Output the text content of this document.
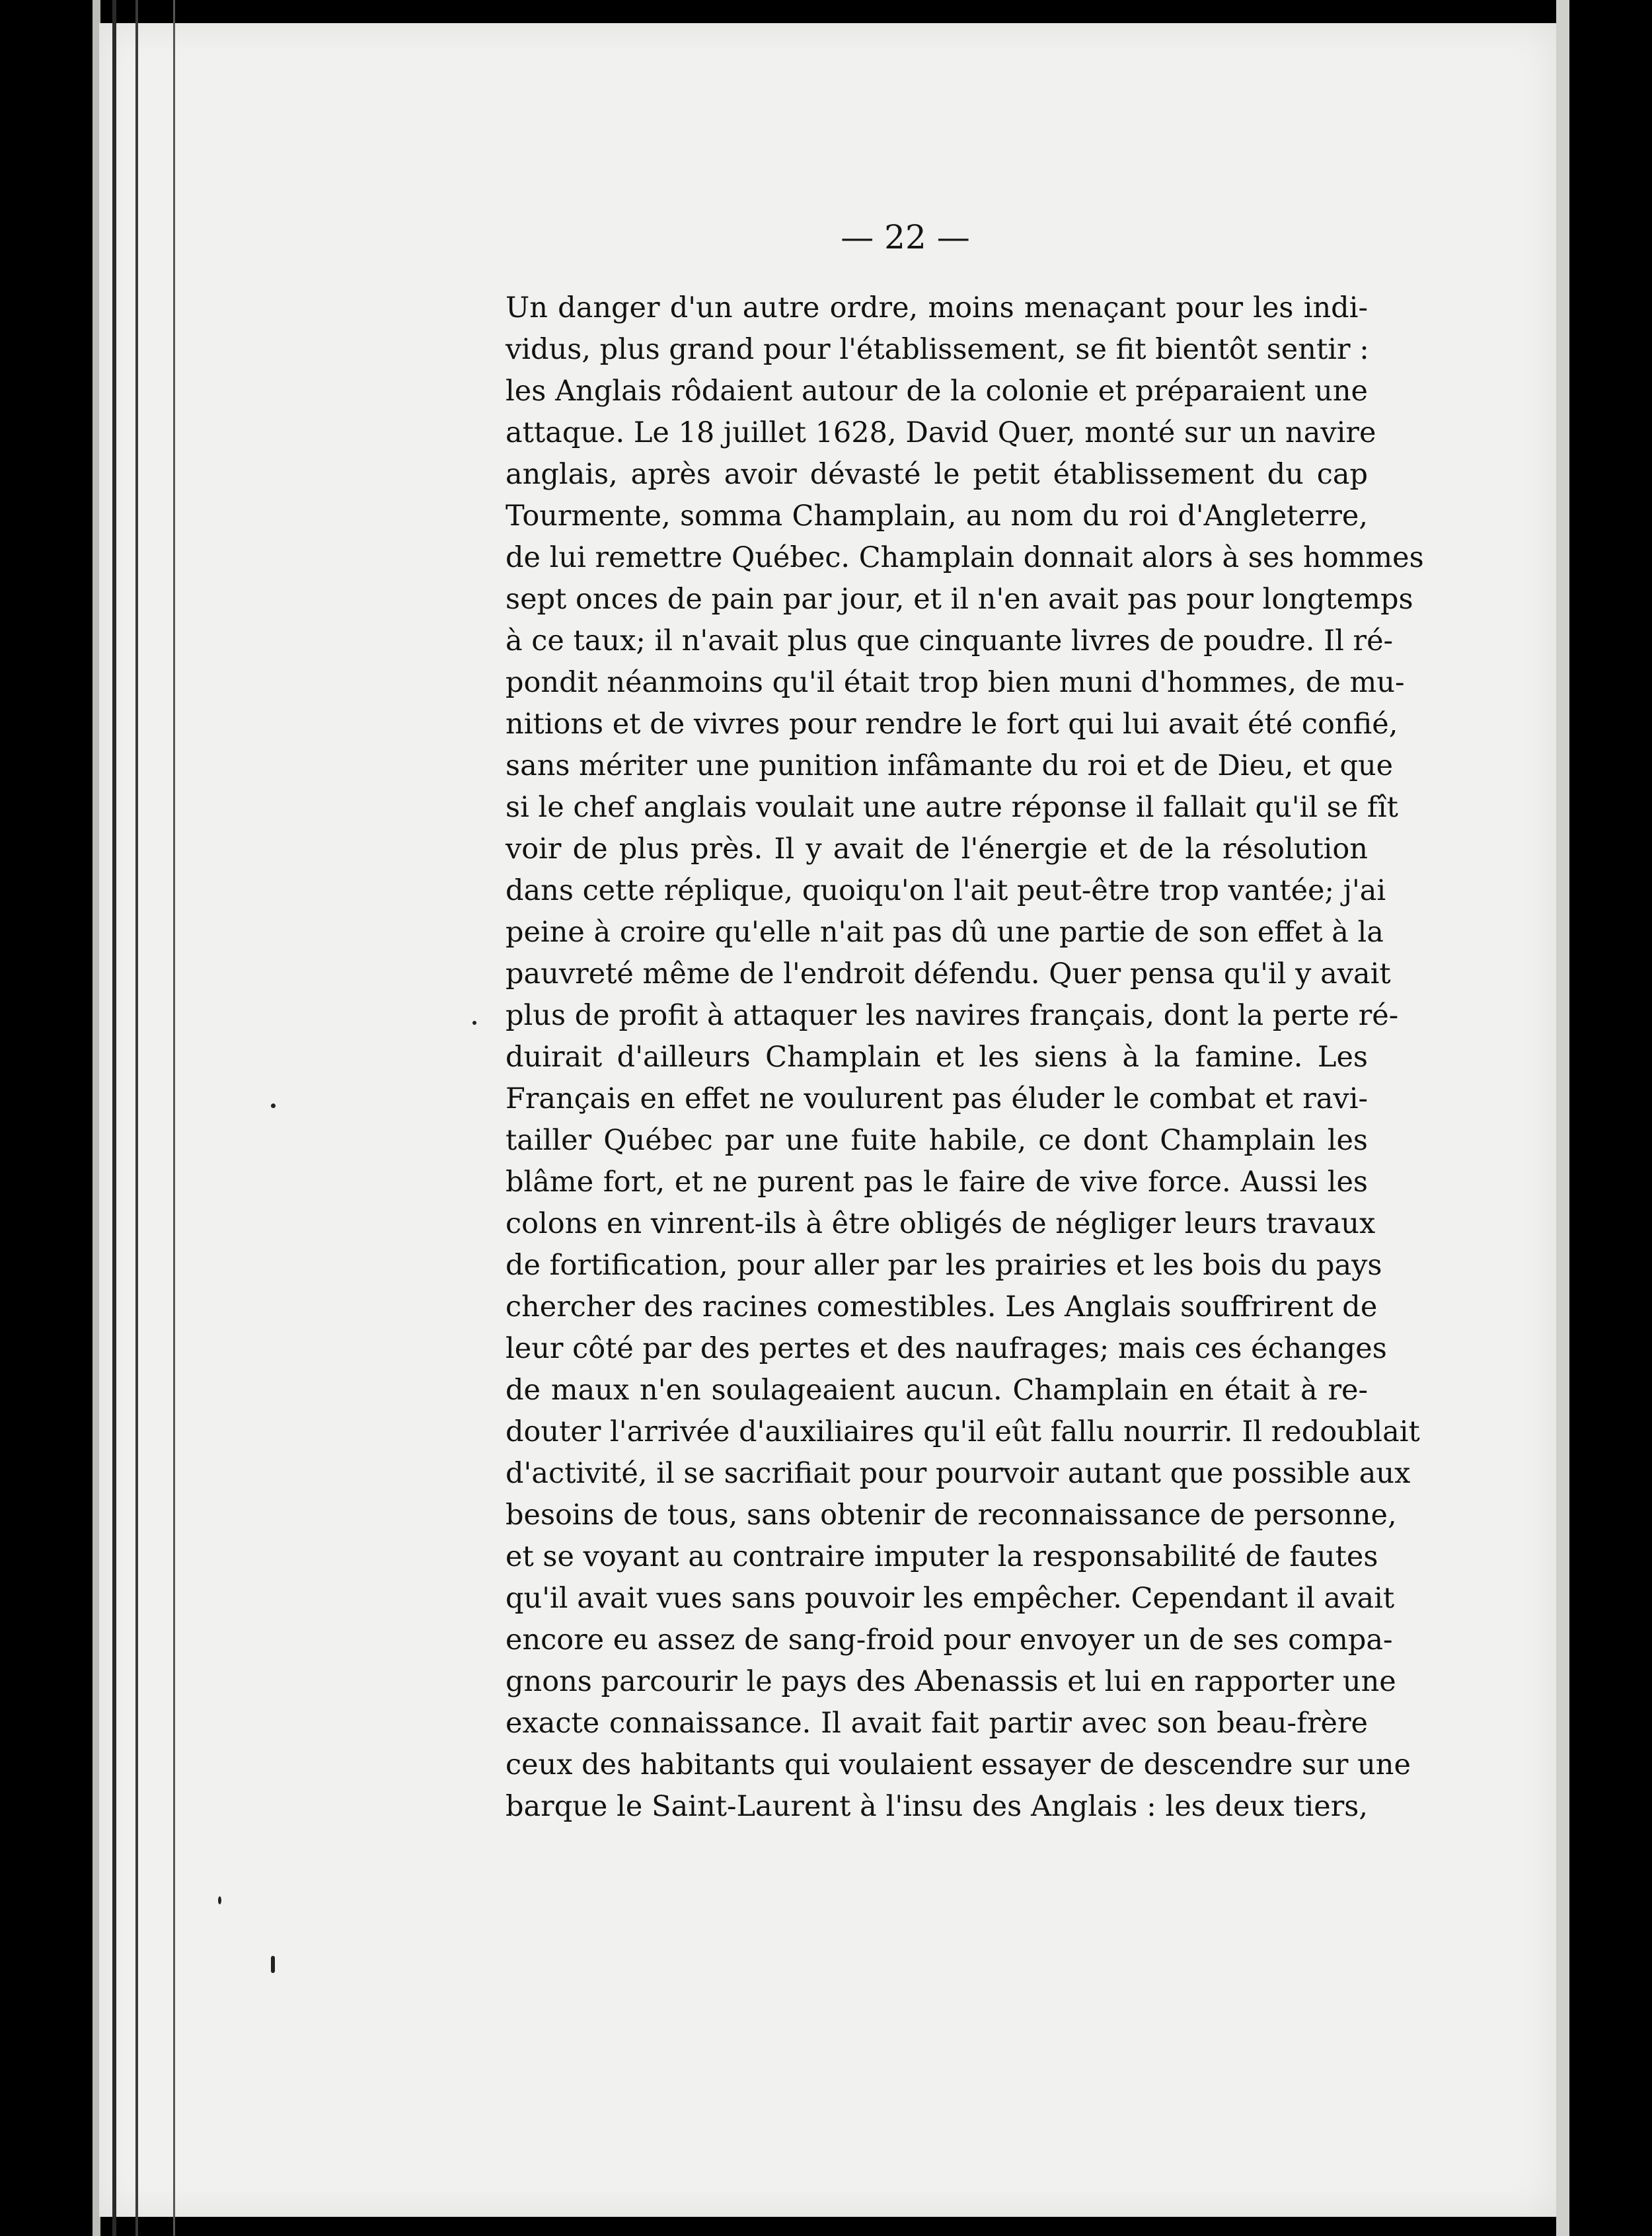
— 22 —
Un danger d'un autre ordre, moins menaçant pour les indi-
vidus, plus grand pour l'établissement, se fit bientôt sentir :
les Anglais rôdaient autour de la colonie et préparaient une
attaque. Le 18 juillet 1628, David Quer, monté sur un navire
anglais, après avoir dévasté le petit établissement du cap
Tourmente, somma Champlain, au nom du roi d'Angleterre,
de lui remettre Québec. Champlain donnait alors à ses hommes
sept onces de pain par jour, et il n'en avait pas pour longtemps
à ce taux; il n'avait plus que cinquante livres de poudre. Il ré-
pondit néanmoins qu'il était trop bien muni d'hommes, de mu-
nitions et de vivres pour rendre le fort qui lui avait été confié,
sans mériter une punition infâmante du roi et de Dieu, et que
si le chef anglais voulait une autre réponse il fallait qu'il se fît
voir de plus près. Il y avait de l'énergie et de la résolution
dans cette réplique, quoiqu'on l'ait peut-être trop vantée; j'ai
peine à croire qu'elle n'ait pas dû une partie de son effet à la
pauvreté même de l'endroit défendu. Quer pensa qu'il y avait
plus de profit à attaquer les navires français, dont la perte ré-
duirait d'ailleurs Champlain et les siens à la famine. Les
Français en effet ne voulurent pas éluder le combat et ravi-
tailler Québec par une fuite habile, ce dont Champlain les
blâme fort, et ne purent pas le faire de vive force. Aussi les
colons en vinrent-ils à être obligés de négliger leurs travaux
de fortification, pour aller par les prairies et les bois du pays
chercher des racines comestibles. Les Anglais souffrirent de
leur côté par des pertes et des naufrages; mais ces échanges
de maux n'en soulageaient aucun. Champlain en était à re-
douter l'arrivée d'auxiliaires qu'il eût fallu nourrir. Il redoublait
d'activité, il se sacrifiait pour pourvoir autant que possible aux
besoins de tous, sans obtenir de reconnaissance de personne,
et se voyant au contraire imputer la responsabilité de fautes
qu'il avait vues sans pouvoir les empêcher. Cependant il avait
encore eu assez de sang-froid pour envoyer un de ses compa-
gnons parcourir le pays des Abenassis et lui en rapporter une
exacte connaissance. Il avait fait partir avec son beau-frère
ceux des habitants qui voulaient essayer de descendre sur une
barque le Saint-Laurent à l'insu des Anglais : les deux tiers,
